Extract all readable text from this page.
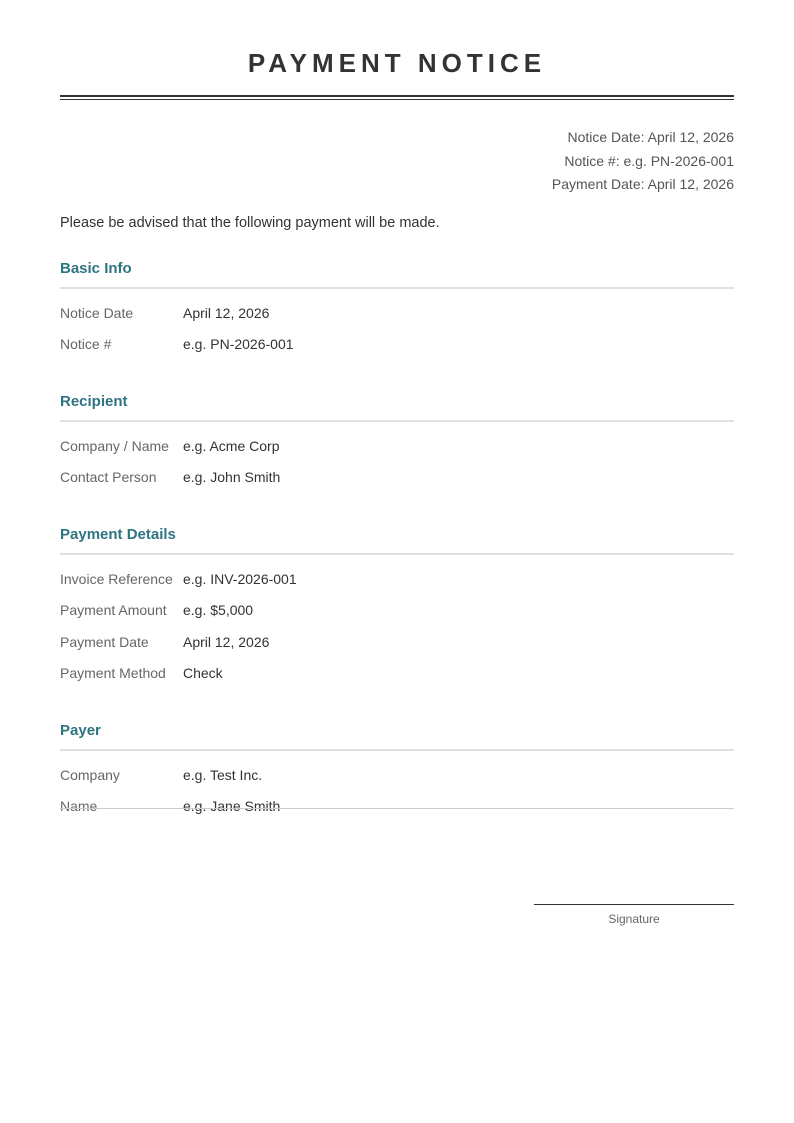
PAYMENT NOTICE
Notice Date: April 12, 2026
Notice #: e.g. PN-2026-001
Payment Date: April 12, 2026
Please be advised that the following payment will be made.
Basic Info
Notice Date	April 12, 2026
Notice #	e.g. PN-2026-001
Recipient
Company / Name	e.g. Acme Corp
Contact Person	e.g. John Smith
Payment Details
Invoice Reference e.g. INV-2026-001
Payment Amount	e.g. $5,000
Payment Date	April 12, 2026
Payment Method	Check
Payer
Company	e.g. Test Inc.
Name	e.g. Jane Smith
Signature
